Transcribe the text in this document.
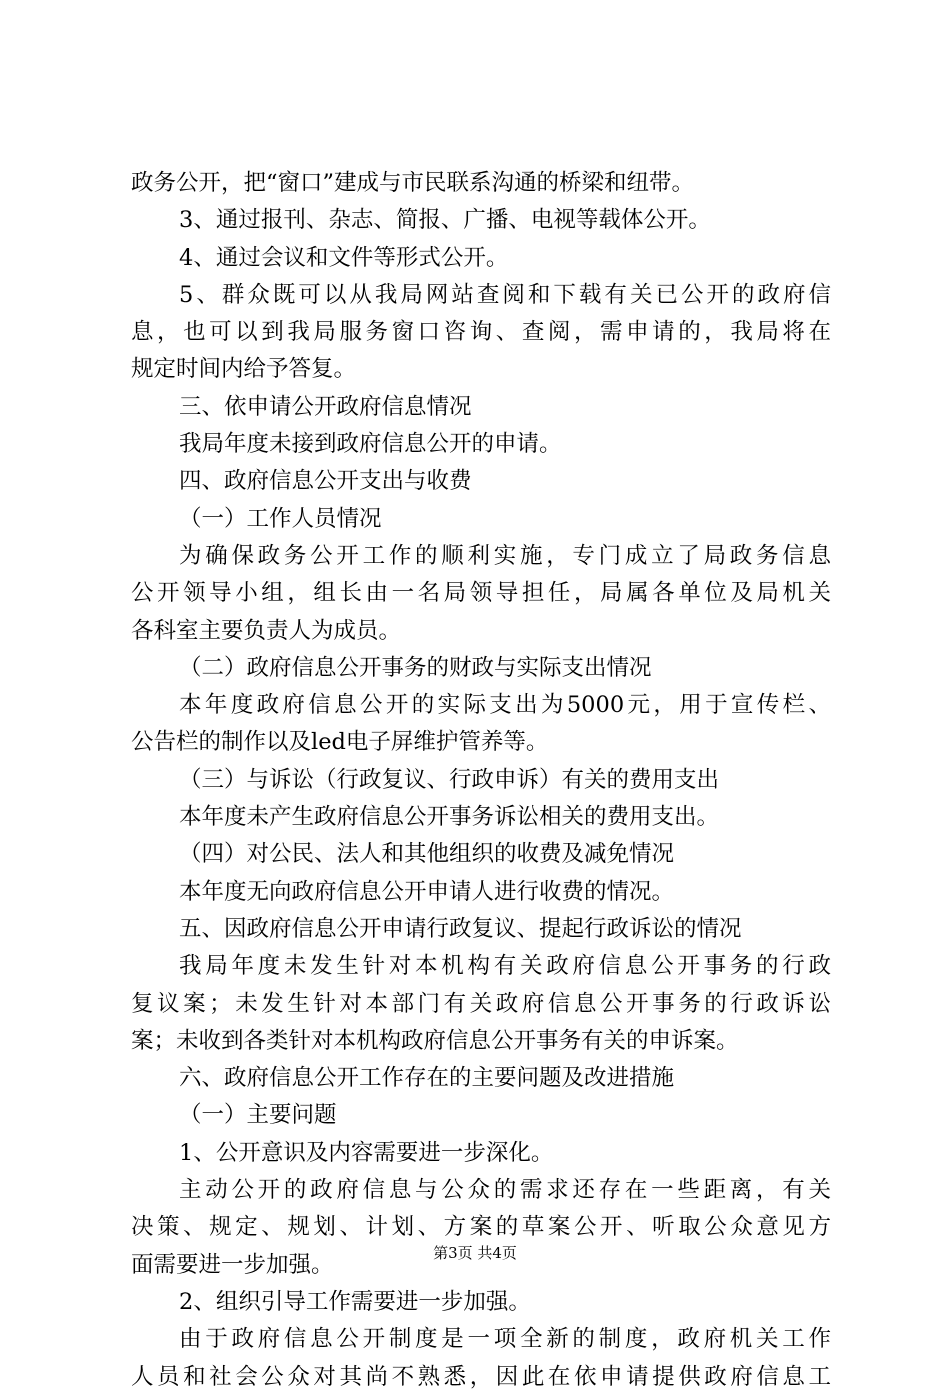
政务公开，把“窗口”建成与市民联系沟通的桥梁和纽带。
3、通过报刊、杂志、简报、广播、电视等载体公开。
4、通过会议和文件等形式公开。
5、群众既可以从我局网站查阅和下载有关已公开的政府信
息，也可以到我局服务窗口咨询、查阅，需申请的，我局将在
规定时间内给予答复。
三、依申请公开政府信息情况
我局年度未接到政府信息公开的申请。
四、政府信息公开支出与收费
（一）工作人员情况
为确保政务公开工作的顺利实施，专门成立了局政务信息
公开领导小组，组长由一名局领导担任，局属各单位及局机关
各科室主要负责人为成员。
（二）政府信息公开事务的财政与实际支出情况
本年度政府信息公开的实际支出为5000元，用于宣传栏、
公告栏的制作以及led电子屏维护管养等。
（三）与诉讼（行政复议、行政申诉）有关的费用支出
本年度未产生政府信息公开事务诉讼相关的费用支出。
（四）对公民、法人和其他组织的收费及减免情况
本年度无向政府信息公开申请人进行收费的情况。
五、因政府信息公开申请行政复议、提起行政诉讼的情况
我局年度未发生针对本机构有关政府信息公开事务的行政
复议案；未发生针对本部门有关政府信息公开事务的行政诉讼
案；未收到各类针对本机构政府信息公开事务有关的申诉案。
六、政府信息公开工作存在的主要问题及改进措施
（一）主要问题
1、公开意识及内容需要进一步深化。
主动公开的政府信息与公众的需求还存在一些距离，有关
决策、规定、规划、计划、方案的草案公开、听取公众意见方
面需要进一步加强。
2、组织引导工作需要进一步加强。
由于政府信息公开制度是一项全新的制度，政府机关工作
人员和社会公众对其尚不熟悉，因此在依申请提供政府信息工
第3页 共4页
